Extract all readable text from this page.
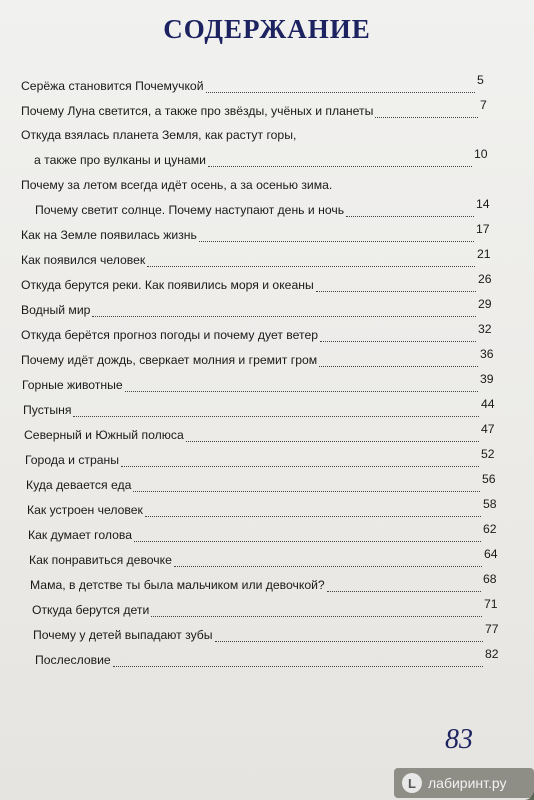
СОДЕРЖАНИЕ
Серёжа становится Почемучкой	5
Почему Луна светится, а также про звёзды, учёных и планеты	7
Откуда взялась планета Земля, как растут горы,
а также про вулканы и цунами	10
Почему за летом всегда идёт осень, а за осенью зима.
Почему светит солнце. Почему наступают день и ночь	14
Как на Земле появилась жизнь	17
Как появился человек	21
Откуда берутся реки. Как появились моря и океаны	26
Водный мир	29
Откуда берётся прогноз погоды и почему дует ветер	32
Почему идёт дождь, сверкает молния и гремит гром	36
Горные животные	39
Пустыня	44
Северный и Южный полюса	47
Города и страны	52
Куда девается еда	56
Как устроен человек	58
Как думает голова	62
Как понравиться девочке	64
Мама, в детстве ты была мальчиком или девочкой?	68
Откуда берутся дети	71
Почему у детей выпадают зубы	77
Послесловие	82
83
L лабиринт.ру
